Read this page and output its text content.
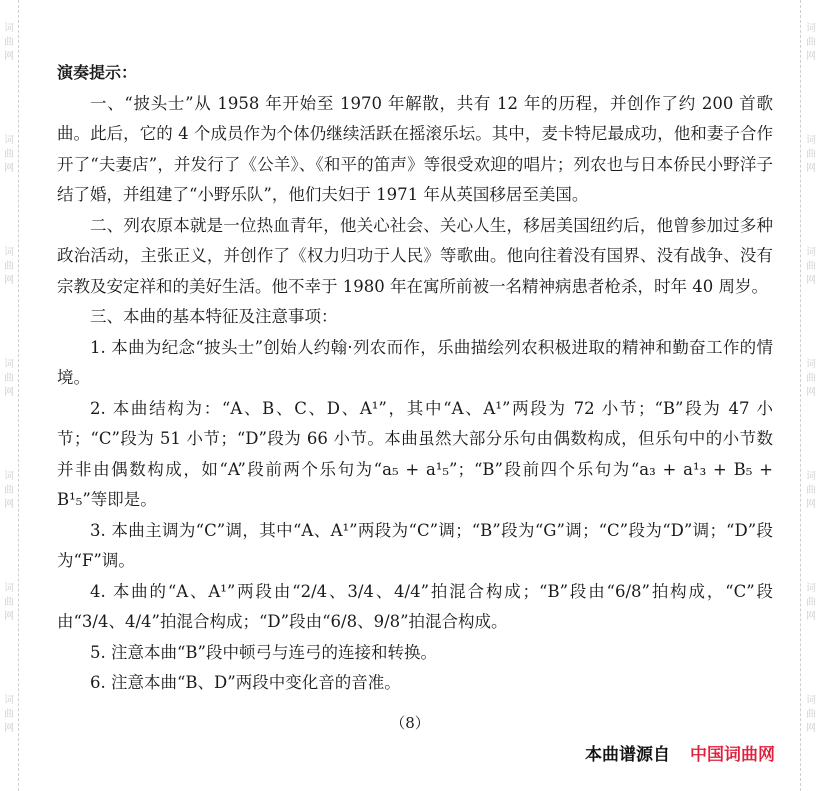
词
曲
网
词
曲
网
词
曲
网
词
曲
网
词
曲
网
词
曲
网
词
曲
网
词
曲
网
词
曲
网
词
曲
网
词
曲
网
词
曲
网
词
曲
网
词
曲
网
演奏提示：

一、“披头士”从 1958 年开始至 1970 年解散，共有 12 年的历程，并创作了约 200 首歌曲。此后，它的 4 个成员作为个体仍继续活跃在摇滚乐坛。其中，麦卡特尼最成功，他和妻子合作开了“夫妻店”，并发行了《公羊》、《和平的笛声》等很受欢迎的唱片；列农也与日本侨民小野洋子结了婚，并组建了“小野乐队”，他们夫妇于 1971 年从英国移居至美国。

二、列农原本就是一位热血青年，他关心社会、关心人生，移居美国纽约后，他曾参加过多种政治活动，主张正义，并创作了《权力归功于人民》等歌曲。他向往着没有国界、没有战争、没有宗教及安定祥和的美好生活。他不幸于 1980 年在寓所前被一名精神病患者枪杀，时年 40 周岁。

三、本曲的基本特征及注意事项：

1. 本曲为纪念“披头士”创始人约翰·列农而作，乐曲描绘列农积极进取的精神和勤奋工作的情境。

2. 本曲结构为：“A、B、C、D、A¹”，其中“A、A¹”两段为 72 小节；“B”段为 47 小节；“C”段为 51 小节；“D”段为 66 小节。本曲虽然大部分乐句由偶数构成，但乐句中的小节数并非由偶数构成，如“A”段前两个乐句为“a₅ + a¹₅”；“B”段前四个乐句为“a₃ + a¹₃ + B₅ + B¹₅”等即是。

3. 本曲主调为“C”调，其中“A、A¹”两段为“C”调；“B”段为“G”调；“C”段为“D”调；“D”段为“F”调。

4. 本曲的“A、A¹”两段由“2/4、3/4、4/4”拍混合构成；“B”段由“6/8”拍构成，“C”段由“3/4、4/4”拍混合构成；“D”段由“6/8、9/8”拍混合构成。

5. 注意本曲“B”段中顿弓与连弓的连接和转换。

6. 注意本曲“B、D”两段中变化音的音准。

（8）
本曲谱源自 中国词曲网
